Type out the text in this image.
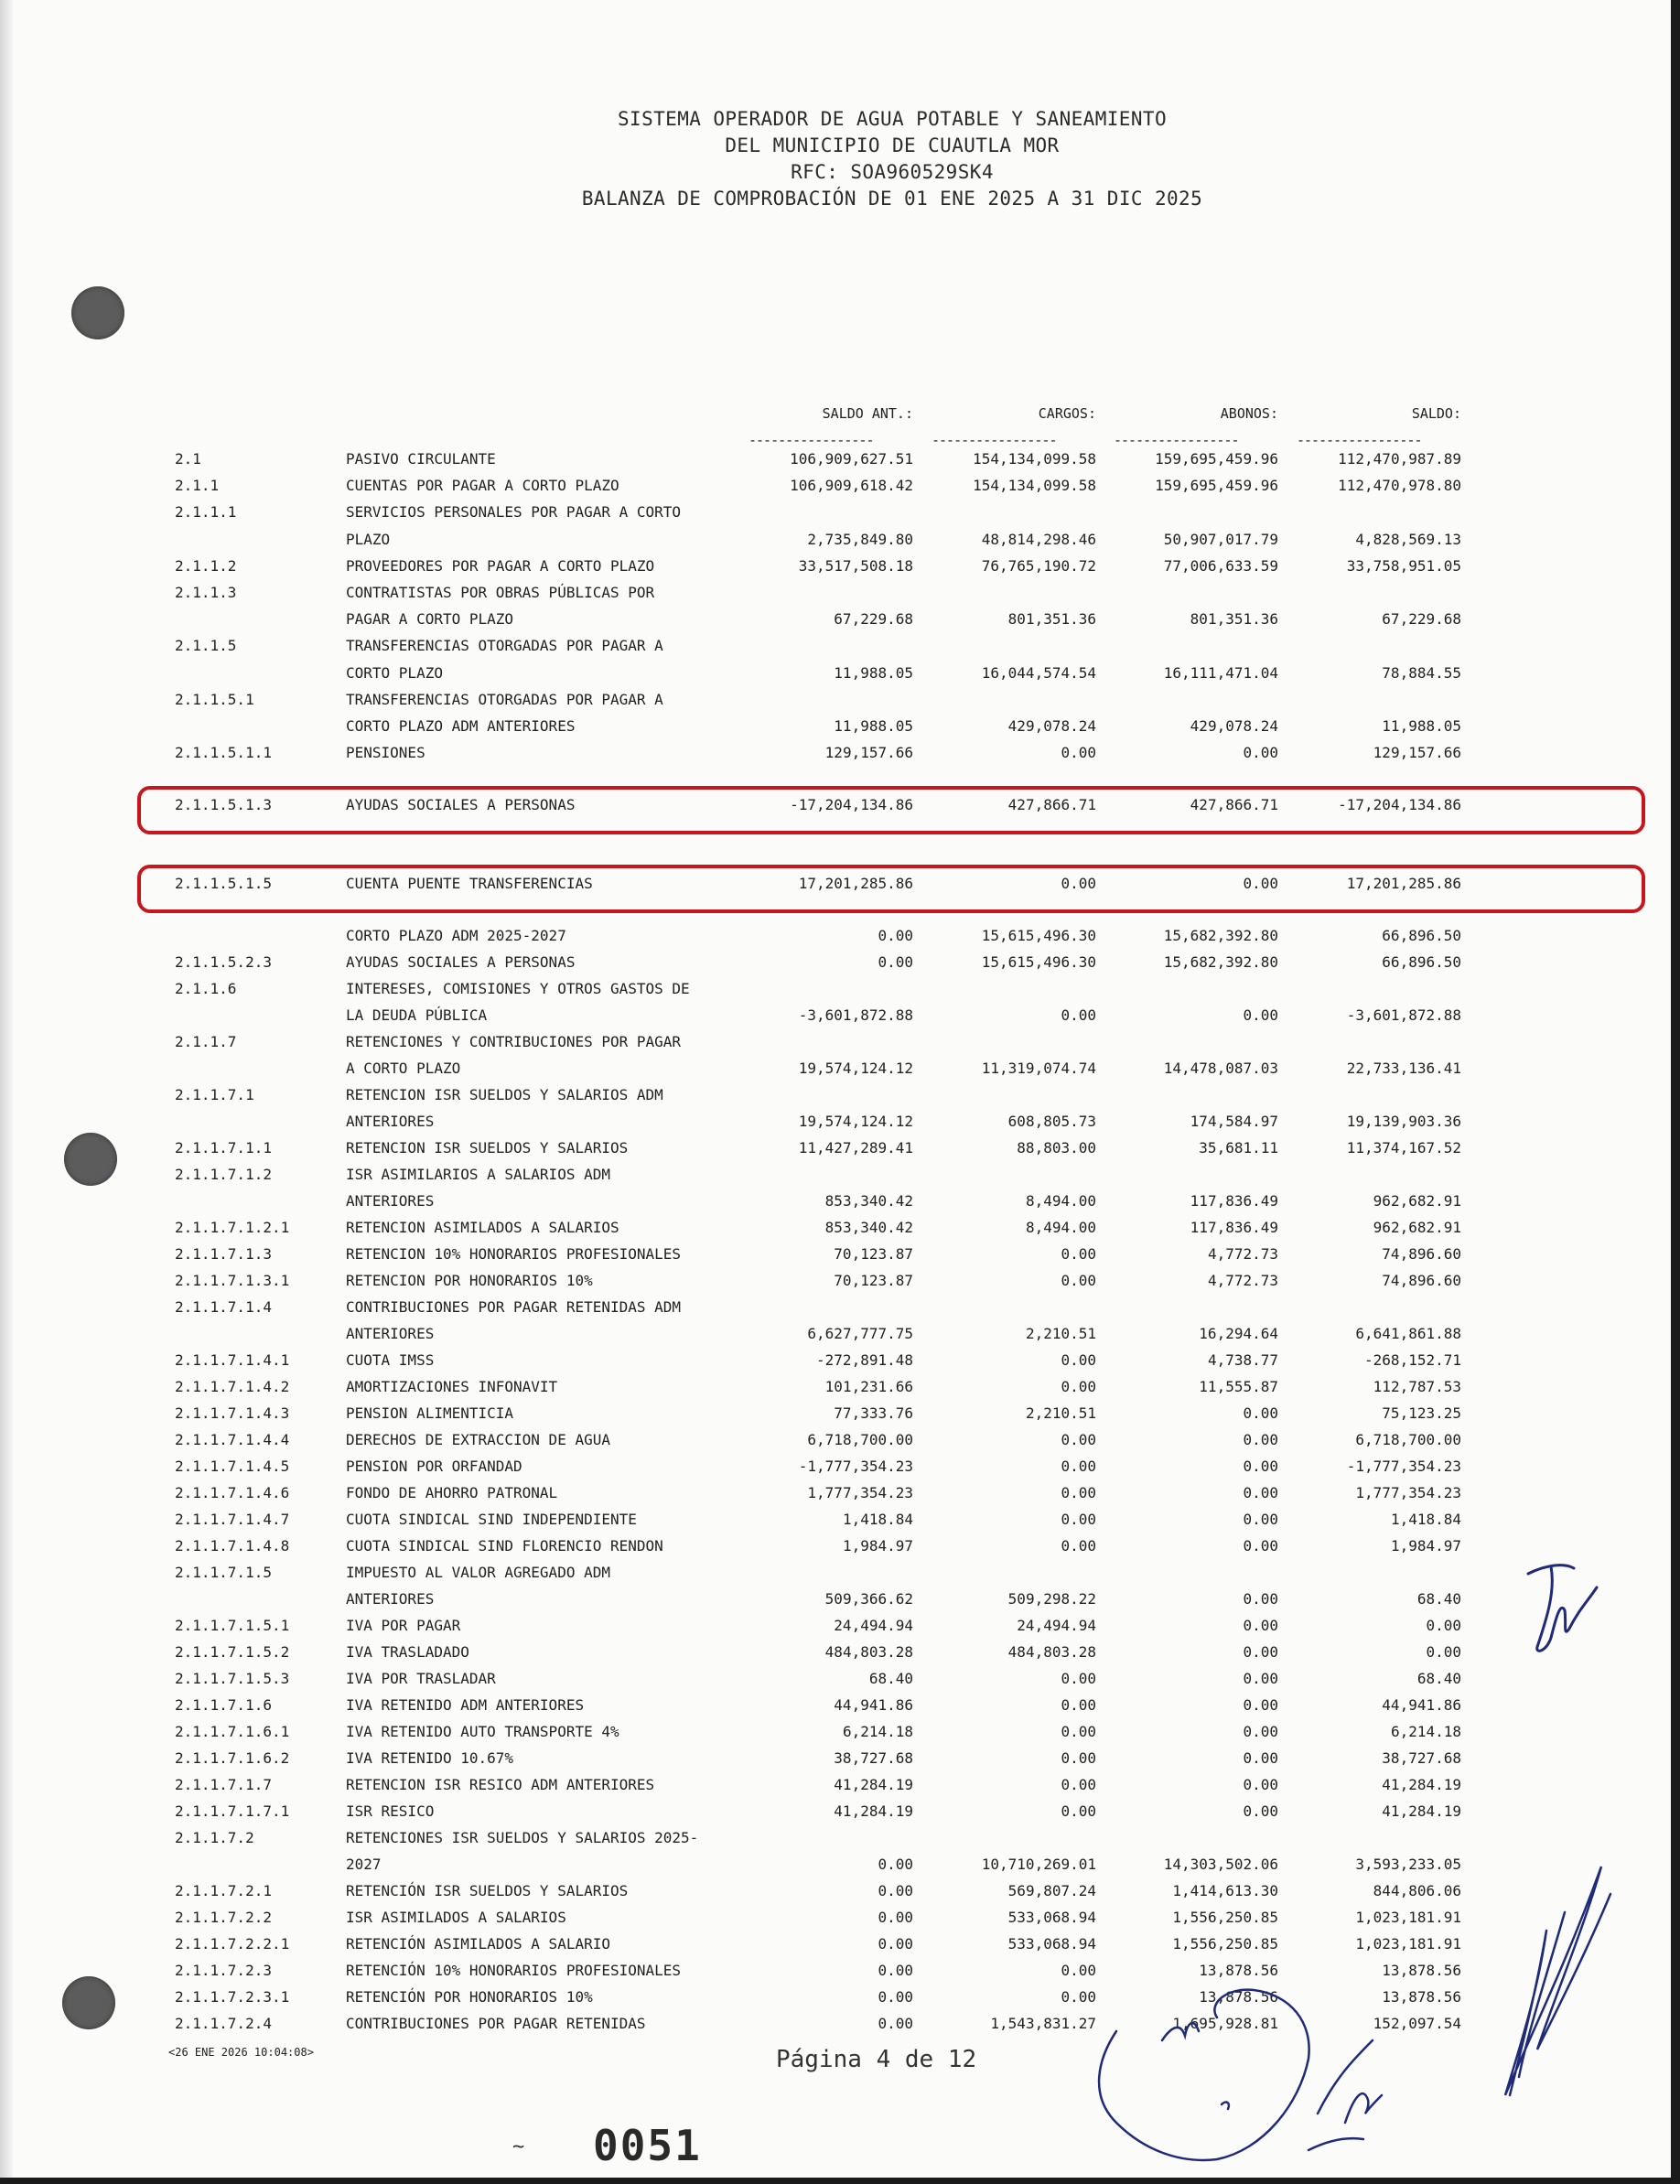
SISTEMA OPERADOR DE AGUA POTABLE Y SANEAMIENTO
DEL MUNICIPIO DE CUAUTLA MOR
RFC: SOA960529SK4
BALANZA DE COMPROBACIÓN DE 01 ENE 2025 A 31 DIC 2025
SALDO ANT.:	CARGOS:	ABONOS:	SALDO:
-----------------	-----------------	-----------------	-----------------
2.1	PASIVO CIRCULANTE	106,909,627.51	154,134,099.58	159,695,459.96	112,470,987.89
2.1.1	CUENTAS POR PAGAR A CORTO PLAZO	106,909,618.42	154,134,099.58	159,695,459.96	112,470,978.80
2.1.1.1	SERVICIOS PERSONALES POR PAGAR A CORTO
PLAZO	2,735,849.80	48,814,298.46	50,907,017.79	4,828,569.13
2.1.1.2	PROVEEDORES POR PAGAR A CORTO PLAZO	33,517,508.18	76,765,190.72	77,006,633.59	33,758,951.05
2.1.1.3	CONTRATISTAS POR OBRAS PÚBLICAS POR
PAGAR A CORTO PLAZO	67,229.68	801,351.36	801,351.36	67,229.68
2.1.1.5	TRANSFERENCIAS OTORGADAS POR PAGAR A
CORTO PLAZO	11,988.05	16,044,574.54	16,111,471.04	78,884.55
2.1.1.5.1	TRANSFERENCIAS OTORGADAS POR PAGAR A
CORTO PLAZO ADM ANTERIORES	11,988.05	429,078.24	429,078.24	11,988.05
2.1.1.5.1.1	PENSIONES	129,157.66	0.00	0.00	129,157.66
2.1.1.5.1.3	AYUDAS SOCIALES A PERSONAS	-17,204,134.86	427,866.71	427,866.71	-17,204,134.86
2.1.1.5.1.5	CUENTA PUENTE TRANSFERENCIAS	17,201,285.86	0.00	0.00	17,201,285.86
CORTO PLAZO ADM 2025-2027	0.00	15,615,496.30	15,682,392.80	66,896.50
2.1.1.5.2.3	AYUDAS SOCIALES A PERSONAS	0.00	15,615,496.30	15,682,392.80	66,896.50
2.1.1.6	INTERESES, COMISIONES Y OTROS GASTOS DE
LA DEUDA PÚBLICA	-3,601,872.88	0.00	0.00	-3,601,872.88
2.1.1.7	RETENCIONES Y CONTRIBUCIONES POR PAGAR
A CORTO PLAZO	19,574,124.12	11,319,074.74	14,478,087.03	22,733,136.41
2.1.1.7.1	RETENCION ISR SUELDOS Y SALARIOS ADM
ANTERIORES	19,574,124.12	608,805.73	174,584.97	19,139,903.36
2.1.1.7.1.1	RETENCION ISR SUELDOS Y SALARIOS	11,427,289.41	88,803.00	35,681.11	11,374,167.52
2.1.1.7.1.2	ISR ASIMILARIOS A SALARIOS ADM
ANTERIORES	853,340.42	8,494.00	117,836.49	962,682.91
2.1.1.7.1.2.1	RETENCION ASIMILADOS A SALARIOS	853,340.42	8,494.00	117,836.49	962,682.91
2.1.1.7.1.3	RETENCION 10% HONORARIOS PROFESIONALES	70,123.87	0.00	4,772.73	74,896.60
2.1.1.7.1.3.1	RETENCION POR HONORARIOS 10%	70,123.87	0.00	4,772.73	74,896.60
2.1.1.7.1.4	CONTRIBUCIONES POR PAGAR RETENIDAS ADM
ANTERIORES	6,627,777.75	2,210.51	16,294.64	6,641,861.88
2.1.1.7.1.4.1	CUOTA IMSS	-272,891.48	0.00	4,738.77	-268,152.71
2.1.1.7.1.4.2	AMORTIZACIONES INFONAVIT	101,231.66	0.00	11,555.87	112,787.53
2.1.1.7.1.4.3	PENSION ALIMENTICIA	77,333.76	2,210.51	0.00	75,123.25
2.1.1.7.1.4.4	DERECHOS DE EXTRACCION DE AGUA	6,718,700.00	0.00	0.00	6,718,700.00
2.1.1.7.1.4.5	PENSION POR ORFANDAD	-1,777,354.23	0.00	0.00	-1,777,354.23
2.1.1.7.1.4.6	FONDO DE AHORRO PATRONAL	1,777,354.23	0.00	0.00	1,777,354.23
2.1.1.7.1.4.7	CUOTA SINDICAL SIND INDEPENDIENTE	1,418.84	0.00	0.00	1,418.84
2.1.1.7.1.4.8	CUOTA SINDICAL SIND FLORENCIO RENDON	1,984.97	0.00	0.00	1,984.97
2.1.1.7.1.5	IMPUESTO AL VALOR AGREGADO ADM
ANTERIORES	509,366.62	509,298.22	0.00	68.40
2.1.1.7.1.5.1	IVA POR PAGAR	24,494.94	24,494.94	0.00	0.00
2.1.1.7.1.5.2	IVA TRASLADADO	484,803.28	484,803.28	0.00	0.00
2.1.1.7.1.5.3	IVA POR TRASLADAR	68.40	0.00	0.00	68.40
2.1.1.7.1.6	IVA RETENIDO ADM ANTERIORES	44,941.86	0.00	0.00	44,941.86
2.1.1.7.1.6.1	IVA RETENIDO AUTO TRANSPORTE 4%	6,214.18	0.00	0.00	6,214.18
2.1.1.7.1.6.2	IVA RETENIDO 10.67%	38,727.68	0.00	0.00	38,727.68
2.1.1.7.1.7	RETENCION ISR RESICO ADM ANTERIORES	41,284.19	0.00	0.00	41,284.19
2.1.1.7.1.7.1	ISR RESICO	41,284.19	0.00	0.00	41,284.19
2.1.1.7.2	RETENCIONES ISR SUELDOS Y SALARIOS 2025-
2027	0.00	10,710,269.01	14,303,502.06	3,593,233.05
2.1.1.7.2.1	RETENCIÓN ISR SUELDOS Y SALARIOS	0.00	569,807.24	1,414,613.30	844,806.06
2.1.1.7.2.2	ISR ASIMILADOS A SALARIOS	0.00	533,068.94	1,556,250.85	1,023,181.91
2.1.1.7.2.2.1	RETENCIÓN ASIMILADOS A SALARIO	0.00	533,068.94	1,556,250.85	1,023,181.91
2.1.1.7.2.3	RETENCIÓN 10% HONORARIOS PROFESIONALES	0.00	0.00	13,878.56	13,878.56
2.1.1.7.2.3.1	RETENCIÓN POR HONORARIOS 10%	0.00	0.00	13,878.56	13,878.56
2.1.1.7.2.4	CONTRIBUCIONES POR PAGAR RETENIDAS	0.00	1,543,831.27	1,695,928.81	152,097.54
<26 ENE 2026 10:04:08>	Página 4 de 12
~ 0051
